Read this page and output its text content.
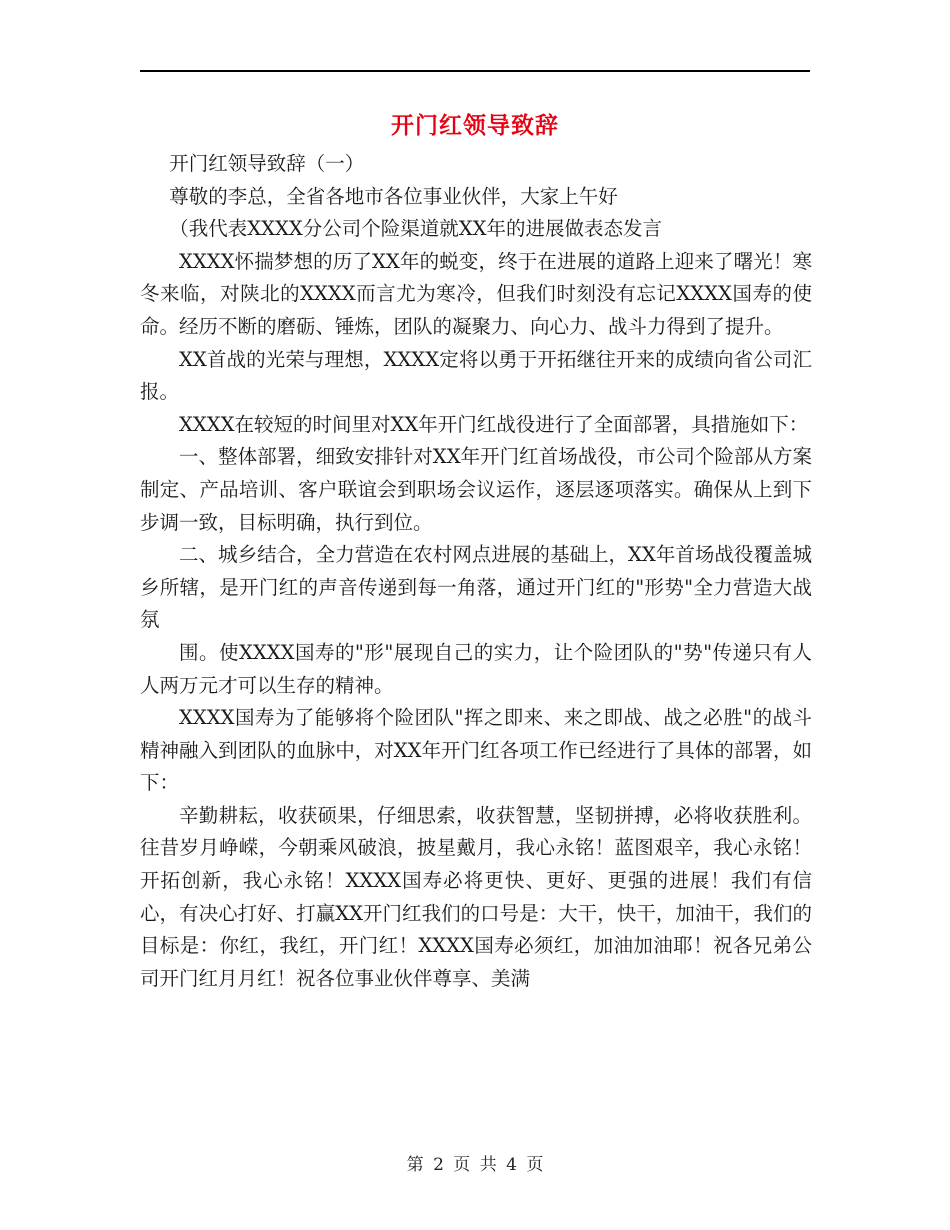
开门红领导致辞

开门红领导致辞（一）

尊敬的李总，全省各地市各位事业伙伴，大家上午好

（我代表XXXX分公司个险渠道就XX年的进展做表态发言

XXXX怀揣梦想的历了XX年的蜕变，终于在进展的道路上迎来了曙光！寒冬来临，对陕北的XXXX而言尤为寒冷，但我们时刻没有忘记XXXX国寿的使命。经历不断的磨砺、锤炼，团队的凝聚力、向心力、战斗力得到了提升。

XX首战的光荣与理想，XXXX定将以勇于开拓继往开来的成绩向省公司汇报。

XXXX在较短的时间里对XX年开门红战役进行了全面部署，具措施如下：

一、整体部署，细致安排针对XX年开门红首场战役，市公司个险部从方案制定、产品培训、客户联谊会到职场会议运作，逐层逐项落实。确保从上到下步调一致，目标明确，执行到位。

二、城乡结合，全力营造在农村网点进展的基础上，XX年首场战役覆盖城乡所辖，是开门红的声音传递到每一角落，通过开门红的"形势"全力营造大战氛

围。使XXXX国寿的"形"展现自己的实力，让个险团队的"势"传递只有人人两万元才可以生存的精神。

XXXX国寿为了能够将个险团队"挥之即来、来之即战、战之必胜"的战斗精神融入到团队的血脉中，对XX年开门红各项工作已经进行了具体的部署，如下：

辛勤耕耘，收获硕果，仔细思索，收获智慧，坚韧拼搏，必将收获胜利。往昔岁月峥嵘，今朝乘风破浪，披星戴月，我心永铭！蓝图艰辛，我心永铭！开拓创新，我心永铭！XXXX国寿必将更快、更好、更强的进展！我们有信心，有决心打好、打赢XX开门红我们的口号是：大干，快干，加油干，我们的目标是：你红，我红，开门红！XXXX国寿必须红，加油加油耶！祝各兄弟公司开门红月月红！祝各位事业伙伴尊享、美满

第 2 页 共 4 页
